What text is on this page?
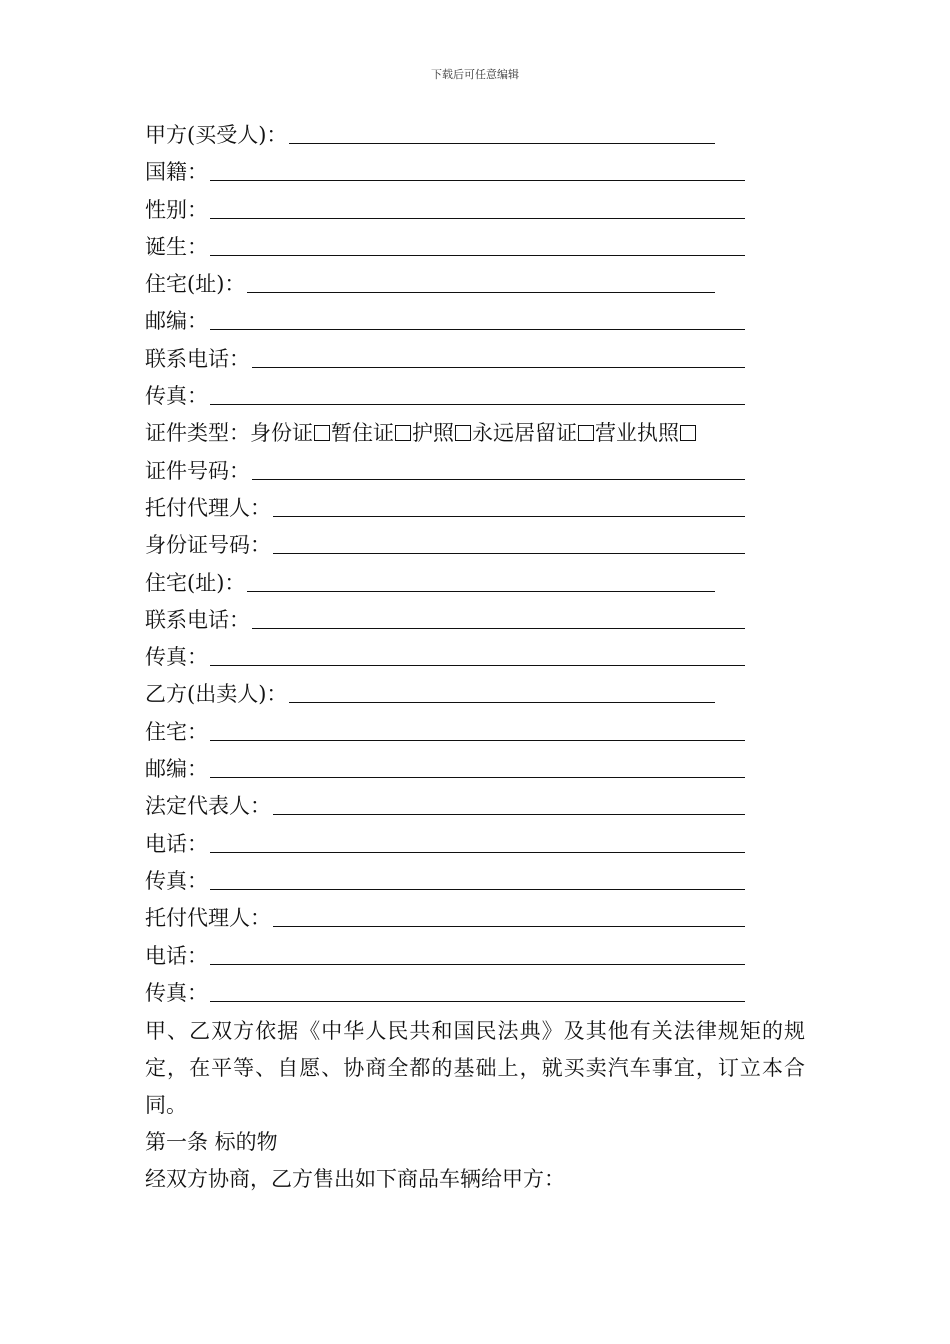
下载后可任意编辑
甲方(买受人)：
国籍：
性别：
诞生：
住宅(址)：
邮编：
联系电话：
传真：
证件类型：身份证 暂住证 护照 永远居留证 营业执照
证件号码：
托付代理人：
身份证号码：
住宅(址)：
联系电话：
传真：
乙方(出卖人)：
住宅：
邮编：
法定代表人：
电话：
传真：
托付代理人：
电话：
传真：
甲、乙双方依据《中华人民共和国民法典》及其他有关法律规矩的规定，在平等、自愿、协商全都的基础上，就买卖汽车事宜，订立本合同。
第一条 标的物
经双方协商，乙方售出如下商品车辆给甲方：
